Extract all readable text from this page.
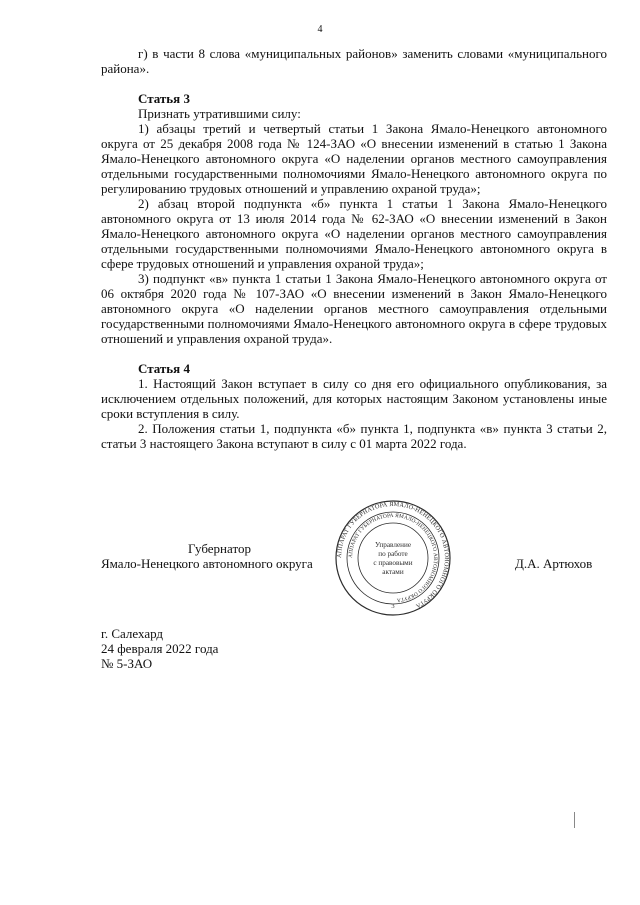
4

г) в части 8 слова «муниципальных районов» заменить словами «муниципального района».

Статья 3

Признать утратившими силу:

1) абзацы третий и четвертый статьи 1 Закона Ямало-Ненецкого автономного округа от 25 декабря 2008 года № 124-ЗАО «О внесении изменений в статью 1 Закона Ямало-Ненецкого автономного округа «О наделении органов местного самоуправления отдельными государственными полномочиями Ямало-Ненецкого автономного округа по регулированию трудовых отношений и управлению охраной труда»;

2) абзац второй подпункта «б» пункта 1 статьи 1 Закона Ямало-Ненецкого автономного округа от 13 июля 2014 года № 62-ЗАО «О внесении изменений в Закон Ямало-Ненецкого автономного округа «О наделении органов местного самоуправления отдельными государственными полномочиями Ямало-Ненецкого автономного округа в сфере трудовых отношений и управления охраной труда»;

3) подпункт «в» пункта 1 статьи 1 Закона Ямало-Ненецкого автономного округа от 06 октября 2020 года № 107-ЗАО «О внесении изменений в Закон Ямало-Ненецкого автономного округа «О наделении органов местного самоуправления отдельными государственными полномочиями Ямало-Ненецкого автономного округа в сфере трудовых отношений и управления охраной труда».

Статья 4

1. Настоящий Закон вступает в силу со дня его официального опубликования, за исключением отдельных положений, для которых настоящим Законом установлены иные сроки вступления в силу.

2. Положения статьи 1, подпункта «б» пункта 1, подпункта «в» пункта 3 статьи 2, статьи 3 настоящего Закона вступают в силу с 01 марта 2022 года.

Губернатор
Ямало-Ненецкого автономного округа	Д.А. Артюхов
АППАРАТ ГУБЕРНАТОРА ЯМАЛО-НЕНЕЦКОГО АВТОНОМНОГО ОКРУГА
АППАРАТ ГУБЕРНАТОРА ЯМАЛО-НЕНЕЦКОГО АВТОНОМНОГО ОКРУГА
Управление
по работе
с правовыми
актами
3
г. Салехард
24 февраля 2022 года
№ 5-ЗАО
